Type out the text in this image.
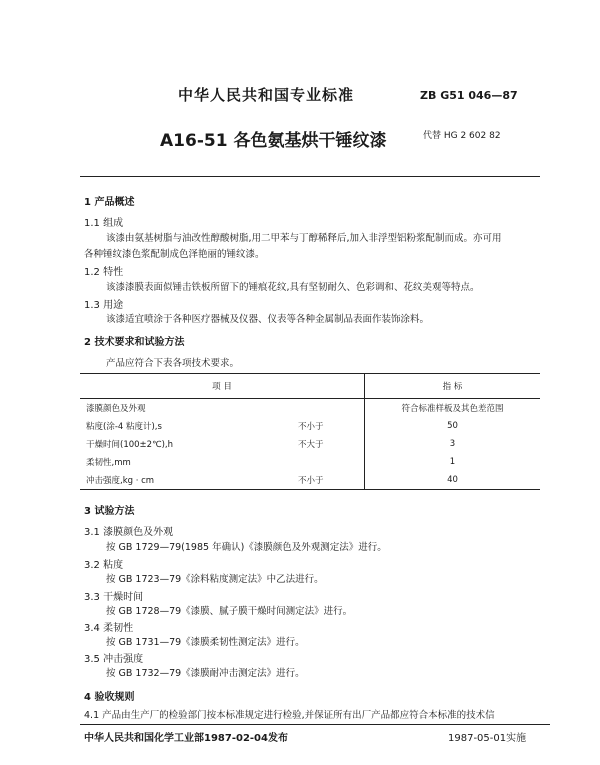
中华人民共和国专业标准	ZB G51 046—87
A16-51 各色氨基烘干锤纹漆	代替 HG 2 602 82
1 产品概述
1.1 组成
该漆由氨基树脂与油改性醇酸树脂,用二甲苯与丁醇稀释后,加入非浮型铝粉浆配制而成。亦可用
各种锤纹漆色浆配制成色泽艳丽的锤纹漆。
1.2 特性
该漆漆膜表面似锤击铁板所留下的锤痕花纹,具有坚韧耐久、色彩调和、花纹美观等特点。
1.3 用途
该漆适宜喷涂于各种医疗器械及仪器、仪表等各种金属制品表面作装饰涂料。
2 技术要求和试验方法
产品应符合下表各项技术要求。
项 目		指 标
漆膜颜色及外观		符合标准样板及其色差范围
粘度(涂-4 粘度计),s	不小于	50
干燥时间(100±2℃),h	不大于	3
柔韧性,mm		1
冲击强度,kg · cm	不小于	40
3 试验方法
3.1 漆膜颜色及外观
按 GB 1729—79(1985 年确认)《漆膜颜色及外观测定法》进行。
3.2 粘度
按 GB 1723—79《涂料粘度测定法》中乙法进行。
3.3 干燥时间
按 GB 1728—79《漆膜、腻子膜干燥时间测定法》进行。
3.4 柔韧性
按 GB 1731—79《漆膜柔韧性测定法》进行。
3.5 冲击强度
按 GB 1732—79《漆膜耐冲击测定法》进行。
4 验收规则
4.1 产品由生产厂的检验部门按本标准规定进行检验,并保证所有出厂产品都应符合本标准的技术信
中华人民共和国化学工业部1987-02-04发布	1987-05-01实施
